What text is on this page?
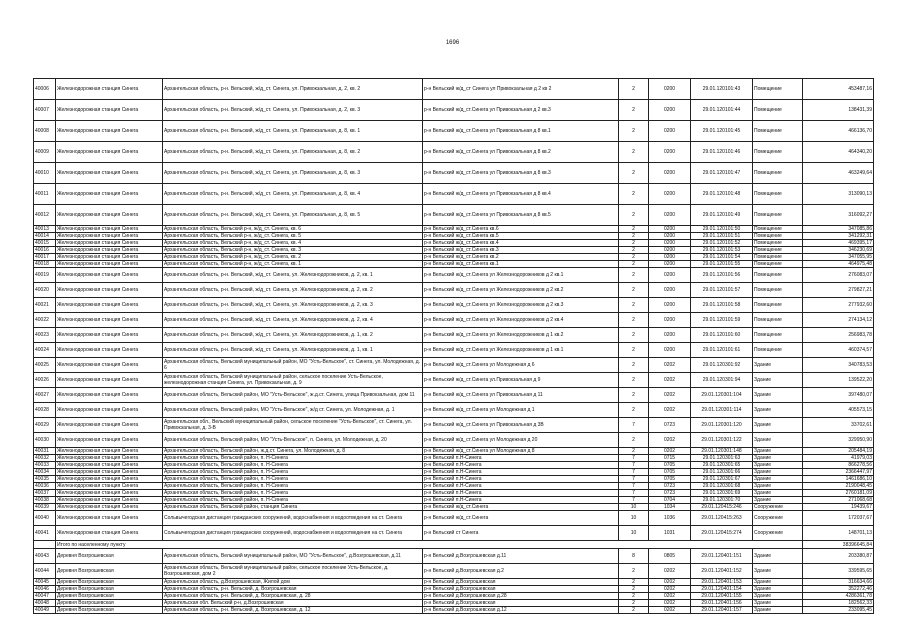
1696
40006	Железнодорожная станция Синега	Архангельская область, р-н. Вельский, ж/д_ст. Синега, ул. Привокзальная, д. 2, кв. 2	р-н Вельский ж/д_ст Синега ул Привокзальная д 2 кв 2	2	0200	29.01.120101:43	Помещение	453487,16
40007	Железнодорожная станция Синега	Архангельская область, р-н. Вельский, ж/д_ст. Синега, ул. Привокзальная, д. 2, кв. 3	р-н Вельский ж/д_ст.Синега ул Привокзальная д 2 кв.3	2	0200	29.01.120101:44	Помещение	138431,39
40008	Железнодорожная станция Синега	Архангельская область, р-н. Вельский, ж/д_ст. Синега, ул. Привокзальная, д. 8, кв. 1	р-н Вельский ж/д_ст.Синега ул Привокзальная д 8 кв.1	2	0200	29.01.120101:45	Помещение	466136,70
40009	Железнодорожная станция Синега	Архангельская область, р-н. Вельский, ж/д_ст. Синега, ул. Привокзальная, д. 8, кв. 2	р-н Вельский ж/д_ст.Синега ул Привокзальная д 8 кв.2	2	0200	29.01.120101:46	Помещение	464340,20
40010	Железнодорожная станция Синега	Архангельская область, р-н. Вельский, ж/д_ст. Синега, ул. Привокзальная, д. 8, кв. 3	р-н Вельский ж/д_ст.Синега ул Привокзальная д 8 кв.3	2	0200	29.01.120101:47	Помещение	463249,64
40011	Железнодорожная станция Синега	Архангельская область, р-н. Вельский, ж/д_ст. Синега, ул. Привокзальная, д. 8, кв. 4	р-н Вельский ж/д_ст.Синега ул Привокзальная д 8 кв.4	2	0200	29.01.120101:48	Помещение	313090,13
40012	Железнодорожная станция Синега	Архангельская область, р-н. Вельский, ж/д_ст. Синега, ул. Привокзальная, д. 8, кв. 5	р-н Вельский ж/д_ст.Синега ул Привокзальная д 8 кв.5	2	0200	29.01.120101:49	Помещение	316092,27
40013	Железнодорожная станция Синега	Архангельская область, Вельский р-н, ж/д_ст. Синега, кв. 6	р-н Вельский ж/д_ст.Синега кв.6	2	0200	29.01.120101:50	Помещение	347085,86
40014	Железнодорожная станция Синега	Архангельская область, Вельский р-н, ж/д_ст. Синега, кв. 5	р-н Вельский ж/д_ст.Синега кв.5	2	0200	29.01.120101:51	Помещение	341292,31
40015	Железнодорожная станция Синега	Архангельская область, Вельский р-н, ж/д_ст. Синега, кв. 4	р-н Вельский ж/д_ст.Синега кв.4	2	0200	29.01.120101:52	Помещение	469395,17
40016	Железнодорожная станция Синега	Архангельская область, Вельский р-н, ж/д_ст. Синега, кв. 3	р-н Вельский ж/д_ст.Синега кв.3	2	0200	29.01.120101:53	Помещение	346230,69
40017	Железнодорожная станция Синега	Архангельская область, Вельский р-н, ж/д_ст. Синега, кв. 2	р-н Вельский ж/д_ст.Синега кв.2	2	0200	29.01.120101:54	Помещение	347055,95
40018	Железнодорожная станция Синега	Архангельская область, Вельский р-н, ж/д_ст. Синега, кв. 1	р-н Вельский ж/д_ст.Синега кв.1	2	0200	29.01.120101:55	Помещение	464975,48
40019	Железнодорожная станция Синега	Архангельская область, р-н. Вельский, ж/д_ст. Синега, ул. Железнодорожников, д. 2, кв. 1	р-н Вельский ж/д_ст.Синега ул Железнодорожников д 2 кв.1	2	0200	29.01.120101:56	Помещение	276083,07
40020	Железнодорожная станция Синега	Архангельская область, р-н. Вельский, ж/д_ст. Синега, ул. Железнодорожников, д. 2, кв. 2	р-н Вельский ж/д_ст.Синега ул Железнодорожников д 2 кв.2	2	0200	29.01.120101:57	Помещение	279827,21
40021	Железнодорожная станция Синега	Архангельская область, р-н. Вельский, ж/д_ст. Синега, ул. Железнодорожников, д. 2, кв. 3	р-н Вельский ж/д_ст.Синега ул Железнодорожников д 2 кв.3	2	0200	29.01.120101:58	Помещение	277932,60
40022	Железнодорожная станция Синега	Архангельская область, р-н. Вельский, ж/д_ст. Синега, ул. Железнодорожников, д. 2, кв. 4	р-н Вельский ж/д_ст.Синега ул Железнодорожников д 2 кв.4	2	0200	29.01.120101:59	Помещение	274134,12
40023	Железнодорожная станция Синега	Архангельская область, р-н. Вельский, ж/д_ст. Синега, ул. Железнодорожников, д. 1, кв. 2	р-н Вельский ж/д_ст.Синега ул Железнодорожников д 1 кв.2	2	0200	29.01.120101:60	Помещение	256983,78
40024	Железнодорожная станция Синега	Архангельская область, р-н. Вельский, ж/д_ст. Синега, ул. Железнодорожников, д. 1, кв. 1	р-н Вельский ж/д_ст.Синега ул Железнодорожников д 1 кв.1	2	0200	29.01.120101:61	Помещение	460374,57
40025	Железнодорожная станция Синега	Архангельская область, Вельский муниципальный район, МО "Усть-Вельское", ст. Синега, ул. Молодежная, д. 6	р-н Вельский ж/д_ст.Синега ул Молодежная д 6	2	0202	29.01.120301:92	Здание	340783,53
40026	Железнодорожная станция Синега	Архангельская область, Вельский муниципальный район, сельское поселение Усть-Вельское, железнодорожная станция Синега, ул. Привокзальная, д. 9	р-н Вельский ж/д_ст.Синега ул.Привокзальная д 9	2	0202	29.01.120301:94	Здание	139522,20
40027	Железнодорожная станция Синега	Архангельская область, Вельский район, МО "Усть-Вельское", ж.д.ст. Синега, улица Привокзальная, дом 11	р-н Вельский ж/д_ст.Синега ул Привокзальная д 11	2	0202	29.01.120301:104	Здание	397480,07
40028	Железнодорожная станция Синега	Архангельская область, Вельский район, МО "Усть-Вельское", ж/д ст. Синега, ул. Молодежная, д. 1	р-н Вельский ж/д_ст.Синега ул Молодежная д 1	2	0202	29.01.120301:114	Здание	405573,15
40029	Железнодорожная станция Синега	Архангельская обл., Вельский муниципальный район, сельское поселение "Усть-Вельское", ст. Синега, ул. Привокзальная, д. 3-В	р-н Вельский ж/д_ст.Синега ул Привокзальная д 3В	7	0723	29.01.120301:120	Здание	33702,61
40030	Железнодорожная станция Синега	Архангельская область, Вельский район, МО "Усть-Вельское", п. Синега, ул. Молодежная, д. 20	р-н Вельский ж/д_ст.Синега ул Молодежная д 20	2	0202	29.01.120301:122	Здание	329950,90
40031	Железнодорожная станция Синега	Архангельская область, Вельский район, ж.д.ст. Синега, ул. Молодежная, д. 8	р-н Вельский ж/д_ст.Синега ул Молодежная д 8	2	0202	29.01.120301:148	Здание	205484,19
40032	Железнодорожная станция Синега	Архангельская область, Вельский район, п. Н-Синега	р-н Вельский п.Н-Синега	7	0715	29.01.120301:63	Здание	41979,03
40033	Железнодорожная станция Синега	Архангельская область, Вельский район, п. Н-Синега	р-н Вельский п.Н-Синега	7	0705	29.01.120301:65	Здание	866278,56
40034	Железнодорожная станция Синега	Архангельская область, Вельский район, п. Н-Синега	р-н Вельский п.Н-Синега	7	0705	29.01.120301:66	Здание	2366447,97
40035	Железнодорожная станция Синега	Архангельская область, Вельский район, п. Н-Синега	р-н Вельский п.Н-Синега	7	0705	29.01.120301:67	Здание	1461686,10
40036	Железнодорожная станция Синега	Архангельская область, Вельский район, п. Н-Синега	р-н Вельский п.Н-Синега	7	0723	29.01.120301:68	Здание	2190048,45
40037	Железнодорожная станция Синега	Архангельская область, Вельский район, п. Н-Синега	р-н Вельский п.Н-Синега	7	0723	29.01.120301:69	Здание	2760181,09
40038	Железнодорожная станция Синега	Архангельская область, Вельский район, п. Н-Синега	р-н Вельский п.Н-Синега	7	0704	29.01.120301:70	Здание	271068,68
40039	Железнодорожная станция Синега	Архангельская область, Вельский район, станция Синега	р-н Вельский ж/д_ст.Синега	10	1034	29.01.120415:246	Сооружение	19439,67
40040	Железнодорожная станция Синега	Сольвычегодская дистанция гражданских сооружений, водоснабжения и водоотведения на ст. Синега	р-н Вельский ж/д_ст.Синега	10	1036	29.01.120415:263	Сооружение	172037,67
40041	Железнодорожная станция Синега	Сольвычегодская дистанция гражданских сооружений, водоснабжения и водоотведения на ст. Синега	р-н Вельский ст Синега	10	1031	29.01.120415:274	Сооружение	148701,13
	Итого по населенному пункту							38396645,84
40043	Деревня Возгрошевская	Архангельская область, Вельский муниципальный район, МО "Усть-Вельское", д.Возгрошевская, д.11	р-н Вельский д.Возгрошевская д.11	8	0805	29.01.120401:151	Здание	203380,87
40044	Деревня Возгрошевская	Архангельская область, Вельский муниципальный район, сельское поселение Усть-Вельское, д. Возгрошевская, дом 2	р-н Вельский д.Возгрошевская д.2	2	0202	29.01.120401:152	Здание	339595,65
40045	Деревня Возгрошевская	Архангельская область, д.Возгрошевская, Жилой дом	р-н Вельский д.Возгрошевская	2	0202	29.01.120401:153	Здание	316634,66
40046	Деревня Возгрошевская	Архангельская область, р-н. Вельский, д. Возгрошевская	р-н Вельский д.Возгрошевская	2	0202	29.01.120401:154	Здание	352272,46
40047	Деревня Возгрошевская	Архангельская область, р-н. Вельский, д. Возгрошевская, д. 28	р-н Вельский д.Возгрошевская д.28	2	0202	29.01.120401:155	Здание	4286361,78
40048	Деревня Возгрошевская	Архангельская обл. Вельский р-н, д.Возгрошевская	р-н Вельский д.Возгрошевская	2	0202	29.01.120401:156	Здание	182562,33
40049	Деревня Возгрошевская	Архангельская область, р-н. Вельский, д. Возгрошевская, д. 12	р-н Вельский д.Возгрошевская д.12	2	0202	29.01.120401:157	Здание	233095,45
